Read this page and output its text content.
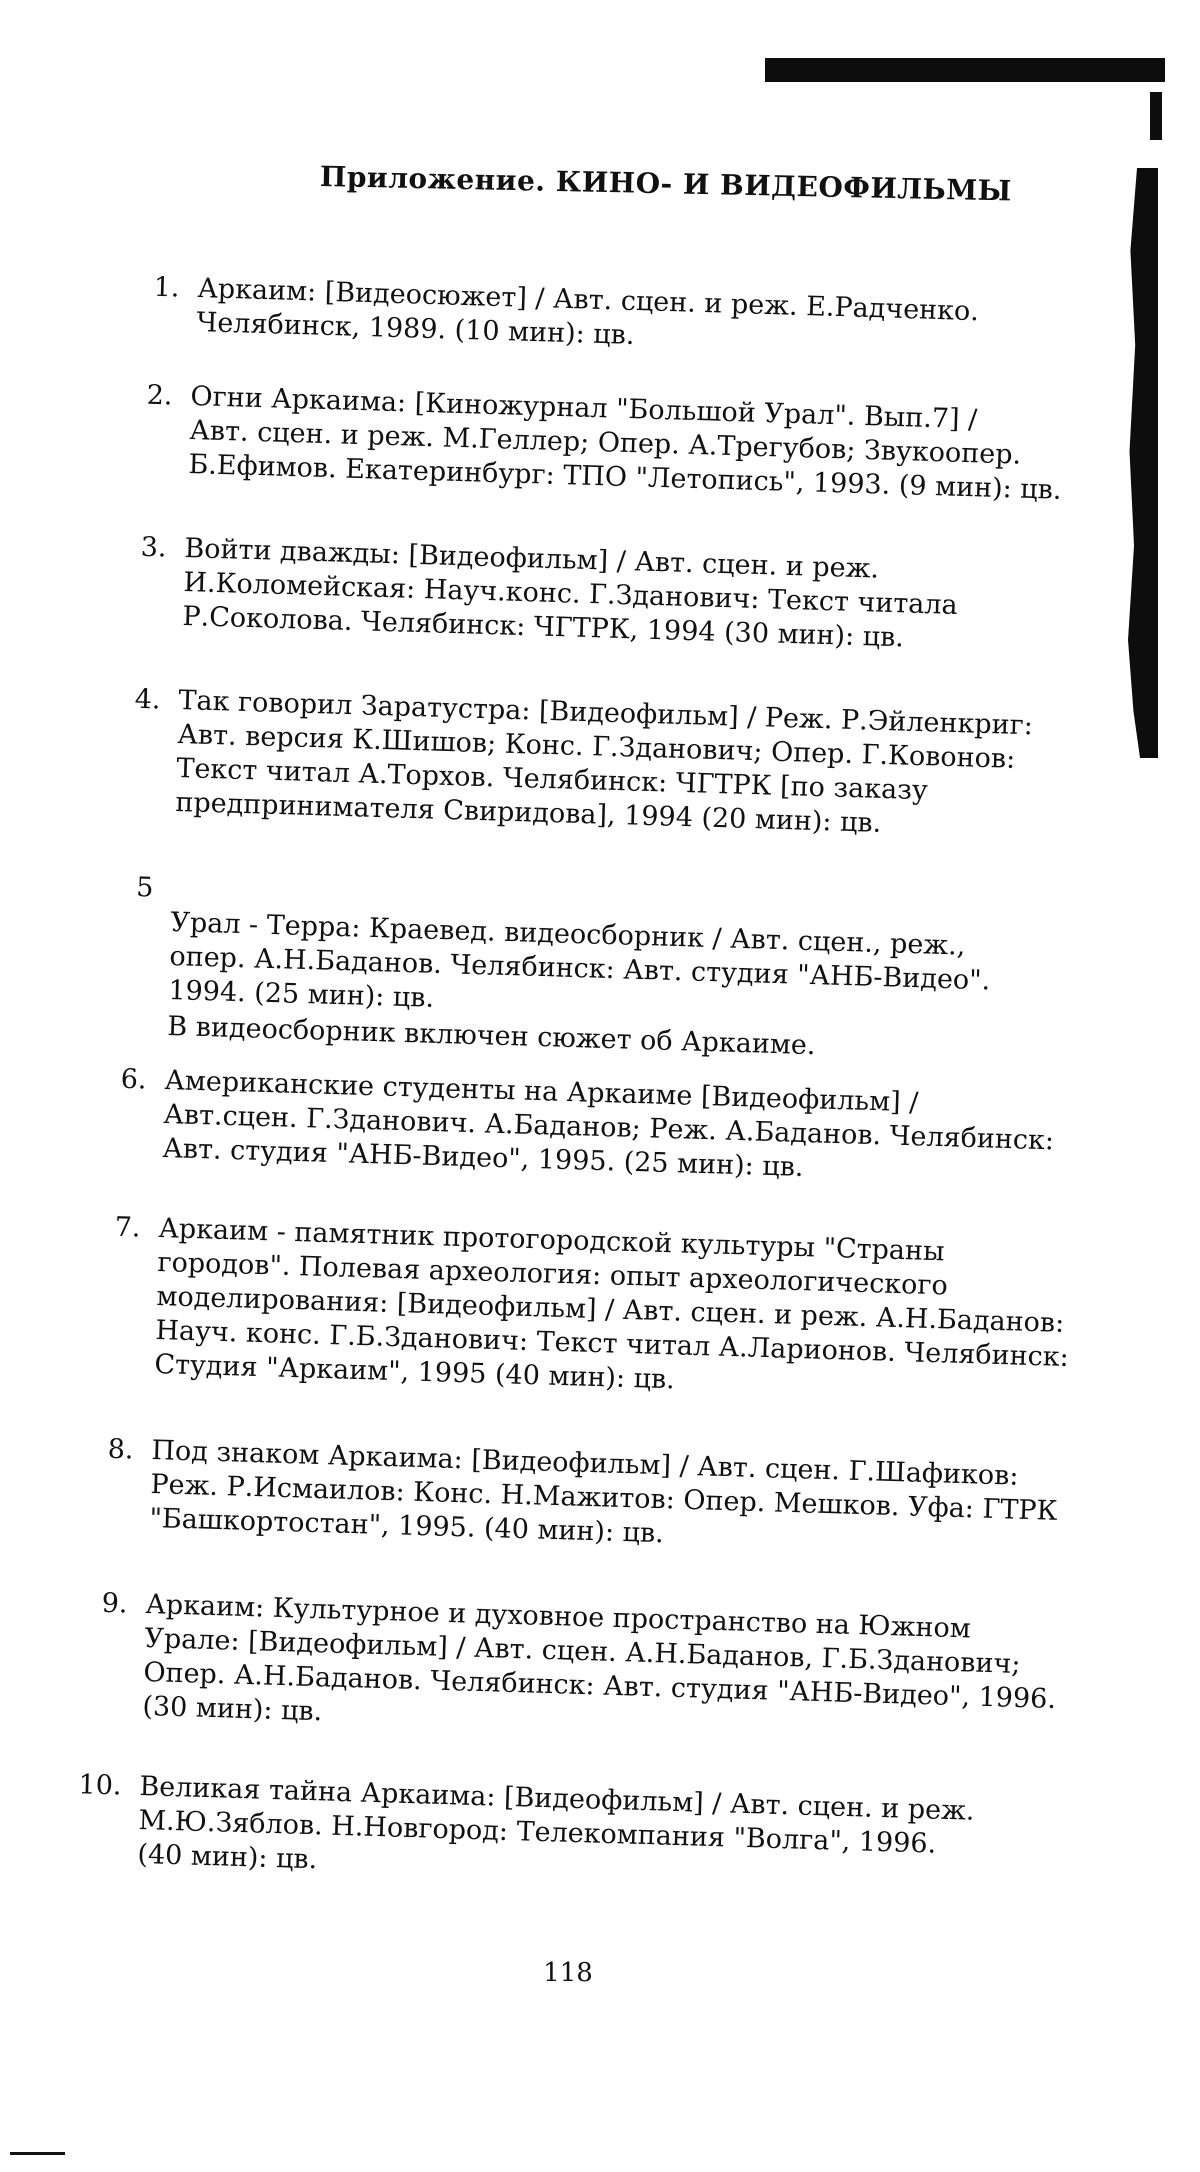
Приложение. КИНО- И ВИДЕОФИЛЬМЫ
1. Аркаим: [Видеосюжет] / Авт. сцен. и реж. Е.Радченко.
Челябинск, 1989. (10 мин): цв.
2. Огни Аркаима: [Киножурнал "Большой Урал". Вып.7] /
Авт. сцен. и реж. М.Геллер; Опер. А.Трегубов; Звукоопер.
Б.Ефимов. Екатеринбург: ТПО "Летопись", 1993. (9 мин): цв.
3. Войти дважды: [Видеофильм] / Авт. сцен. и реж.
И.Коломейская: Науч.конс. Г.Зданович: Текст читала
Р.Соколова. Челябинск: ЧГТРК, 1994 (30 мин): цв.
4. Так говорил Заратустра: [Видеофильм] / Реж. Р.Эйленкриг:
Авт. версия К.Шишов; Конс. Г.Зданович; Опер. Г.Ковонов:
Текст читал А.Торхов. Челябинск: ЧГТРК [по заказу
предпринимателя Свиридова], 1994 (20 мин): цв.
5

Урал - Терра: Краевед. видеосборник / Авт. сцен., реж.,
опер. А.Н.Баданов. Челябинск: Авт. студия "АНБ-Видео".
1994. (25 мин): цв.

В видеосборник включен сюжет об Аркаиме.

6. Американские студенты на Аркаиме [Видеофильм] /
Авт.сцен. Г.Зданович. А.Баданов; Реж. А.Баданов. Челябинск:
Авт. студия "АНБ-Видео", 1995. (25 мин): цв.
7. Аркаим - памятник протогородской культуры "Страны
городов". Полевая археология: опыт археологического
моделирования: [Видеофильм] / Авт. сцен. и реж. А.Н.Баданов:
Науч. конс. Г.Б.Зданович: Текст читал А.Ларионов. Челябинск:
Студия "Аркаим", 1995 (40 мин): цв.
8. Под знаком Аркаима: [Видеофильм] / Авт. сцен. Г.Шафиков:
Реж. Р.Исмаилов: Конс. Н.Мажитов: Опер. Мешков. Уфа: ГТРК
"Башкортостан", 1995. (40 мин): цв.
9. Аркаим: Культурное и духовное пространство на Южном
Урале: [Видеофильм] / Авт. сцен. А.Н.Баданов, Г.Б.Зданович;
Опер. А.Н.Баданов. Челябинск: Авт. студия "АНБ-Видео", 1996.
(30 мин): цв.
10. Великая тайна Аркаима: [Видеофильм] / Авт. сцен. и реж.
М.Ю.Зяблов. Н.Новгород: Телекомпания "Волга", 1996.
(40 мин): цв.
118
